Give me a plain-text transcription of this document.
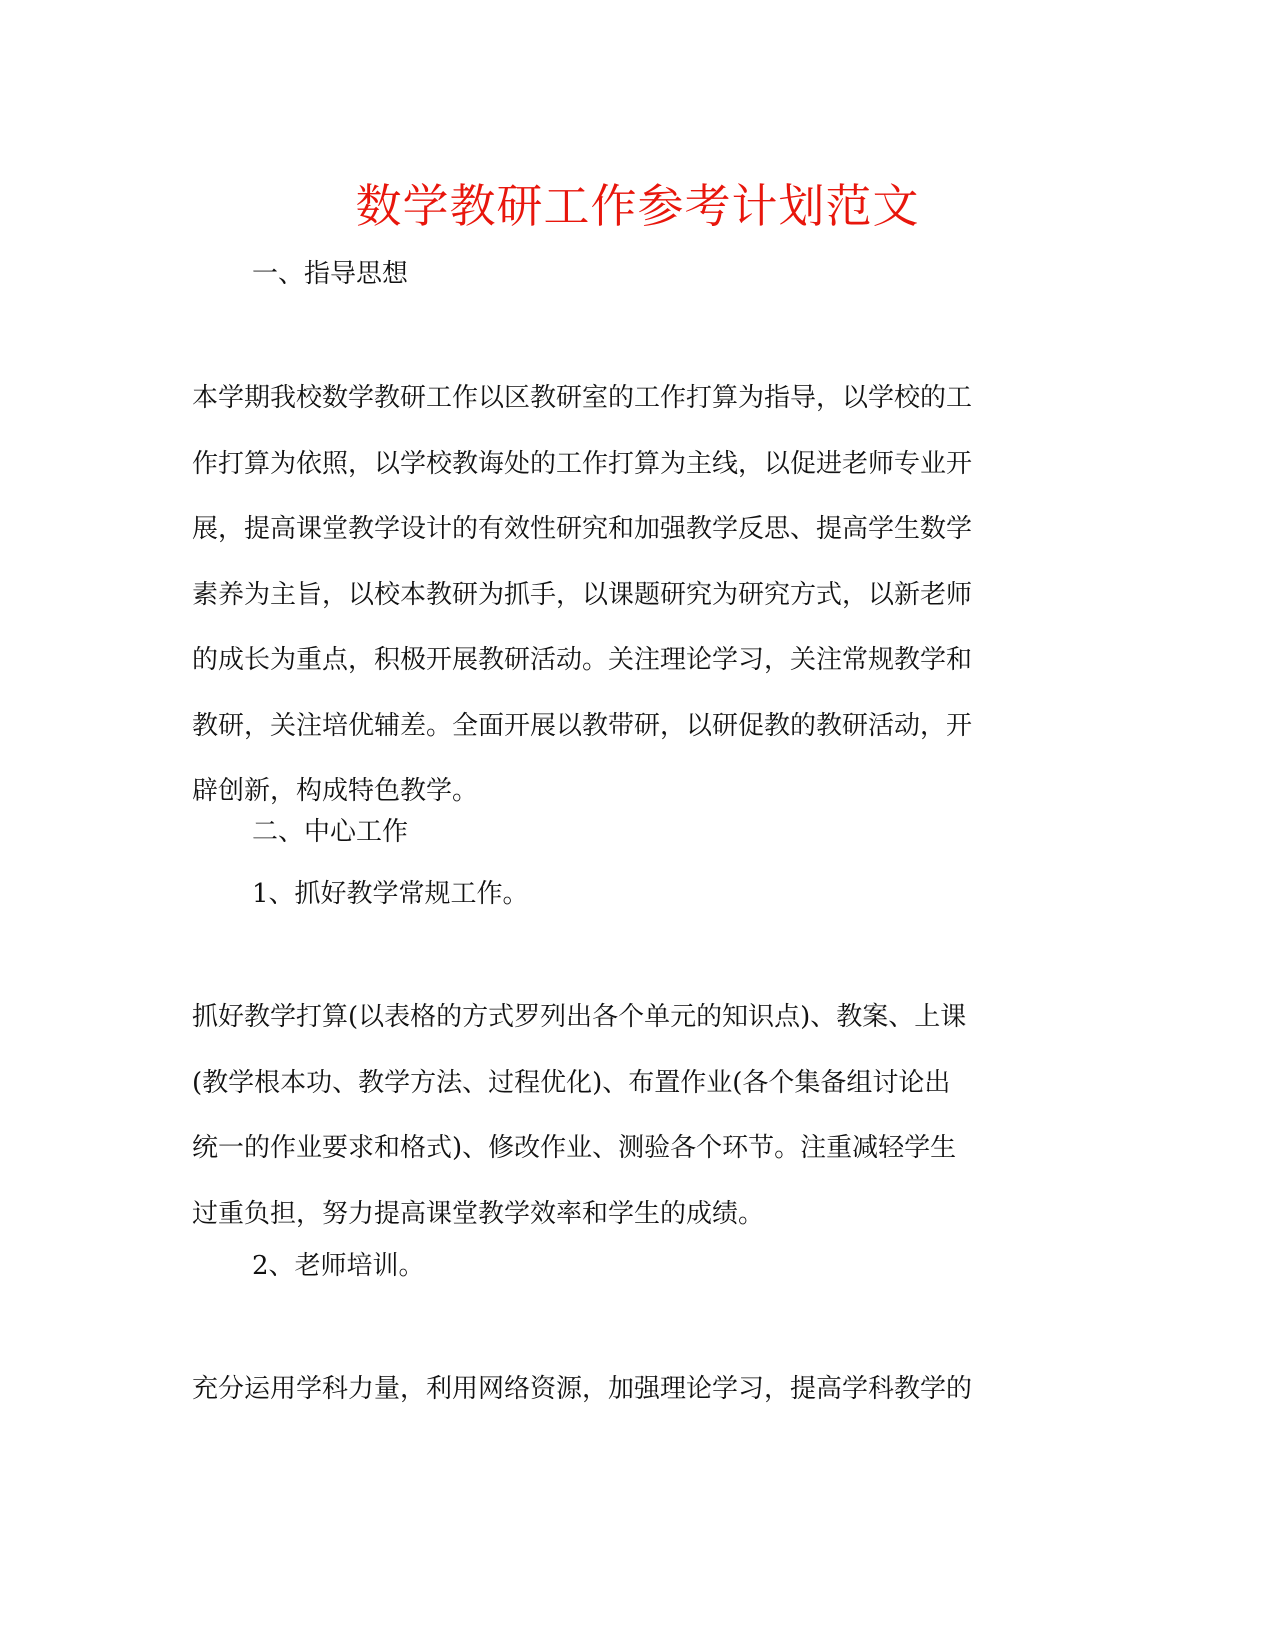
数学教研工作参考计划范文
一、指导思想
本学期我校数学教研工作以区教研室的工作打算为指导，以学校的工
作打算为依照，以学校教诲处的工作打算为主线，以促进老师专业开
展，提高课堂教学设计的有效性研究和加强教学反思、提高学生数学
素养为主旨，以校本教研为抓手，以课题研究为研究方式，以新老师
的成长为重点，积极开展教研活动。关注理论学习，关注常规教学和
教研，关注培优辅差。全面开展以教带研，以研促教的教研活动，开
辟创新，构成特色教学。
二、中心工作
1、抓好教学常规工作。
抓好教学打算(以表格的方式罗列出各个单元的知识点)、教案、上课
(教学根本功、教学方法、过程优化)、布置作业(各个集备组讨论出
统一的作业要求和格式)、修改作业、测验各个环节。注重减轻学生
过重负担，努力提高课堂教学效率和学生的成绩。
2、老师培训。
充分运用学科力量，利用网络资源，加强理论学习，提高学科教学的
